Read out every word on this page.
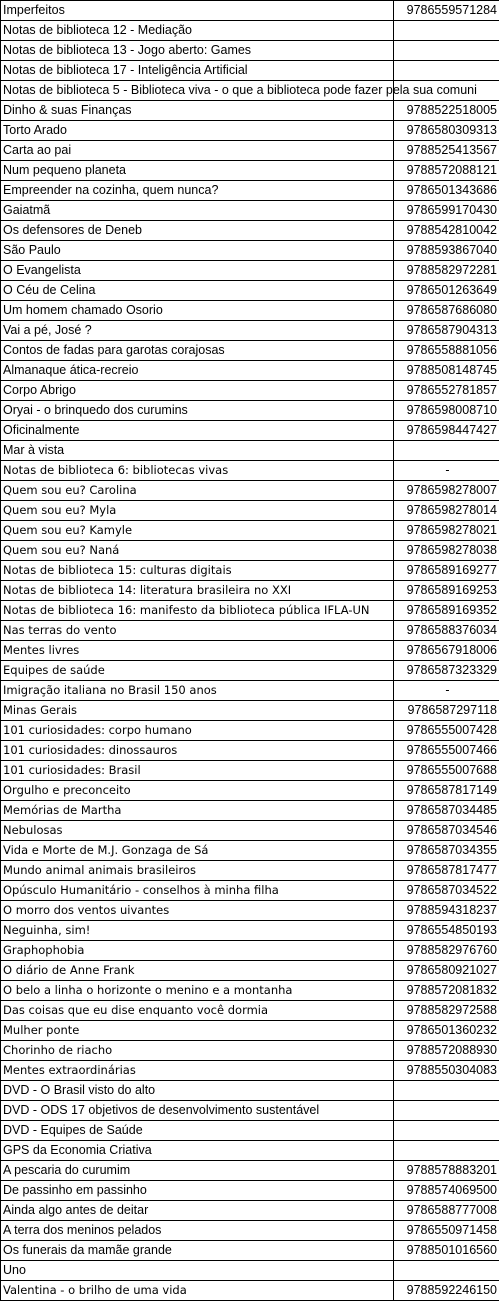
Imperfeitos	9786559571284
Notas de biblioteca 12 - Mediação	
Notas de biblioteca 13 - Jogo aberto: Games	
Notas de biblioteca 17 - Inteligência Artificial	
Notas de biblioteca 5 - Biblioteca viva - o que a biblioteca pode fazer pela sua comuni	
Dinho & suas Finanças	9788522518005
Torto Arado	9786580309313
Carta ao pai	9788525413567
Num pequeno planeta	9788572088121
Empreender na cozinha, quem nunca?	9786501343686
Gaiatmã	9786599170430
Os defensores de Deneb	9788542810042
São Paulo	9788593867040
O Evangelista	9788582972281
O Céu de Celina	9786501263649
Um homem chamado Osorio	9786587686080
Vai a pé, José ?	9786587904313
Contos de fadas para garotas corajosas	9786558881056
Almanaque ática-recreio	9788508148745
Corpo Abrigo	9786552781857
Oryai - o brinquedo dos curumins	9786598008710
Oficinalmente	9786598447427
Mar à vista	
Notas de biblioteca 6: bibliotecas vivas	-
Quem sou eu? Carolina	9786598278007
Quem sou eu? Myla	9786598278014
Quem sou eu? Kamyle	9786598278021
Quem sou eu? Naná	9786598278038
Notas de biblioteca 15: culturas digitais	9786589169277
Notas de biblioteca 14: literatura brasileira no XXI	9786589169253
Notas de biblioteca 16: manifesto da biblioteca pública IFLA-UN	9786589169352
Nas terras do vento	9786588376034
Mentes livres	9786567918006
Equipes de saúde	9786587323329
Imigração italiana no Brasil 150 anos	-
Minas Gerais	9786587297118
101 curiosidades: corpo humano	9786555007428
101 curiosidades: dinossauros	9786555007466
101 curiosidades: Brasil	9786555007688
Orgulho e preconceito	9786587817149
Memórias de Martha	9786587034485
Nebulosas	9786587034546
Vida e Morte de M.J. Gonzaga de Sá	9786587034355
Mundo animal animais brasileiros	9786587817477
Opúsculo Humanitário - conselhos à minha filha	9786587034522
O morro dos ventos uivantes	9788594318237
Neguinha, sim!	9786554850193
Graphophobia	9788582976760
O diário de Anne Frank	9786580921027
O belo a linha o horizonte o menino e a montanha	9788572081832
Das coisas que eu dise enquanto você dormia	9788582972588
Mulher ponte	9786501360232
Chorinho de riacho	9788572088930
Mentes extraordinárias	9788550304083
DVD - O Brasil visto do alto	
DVD - ODS 17 objetivos de desenvolvimento sustentável	
DVD - Equipes de Saúde	
GPS da Economia Criativa	
A pescaria do curumim	9788578883201
De passinho em passinho	9788574069500
Ainda algo antes de deitar	9786588777008
A terra dos meninos pelados	9786550971458
Os funerais da mamãe grande	9788501016560
Uno	
Valentina - o brilho de uma vida	9788592246150
